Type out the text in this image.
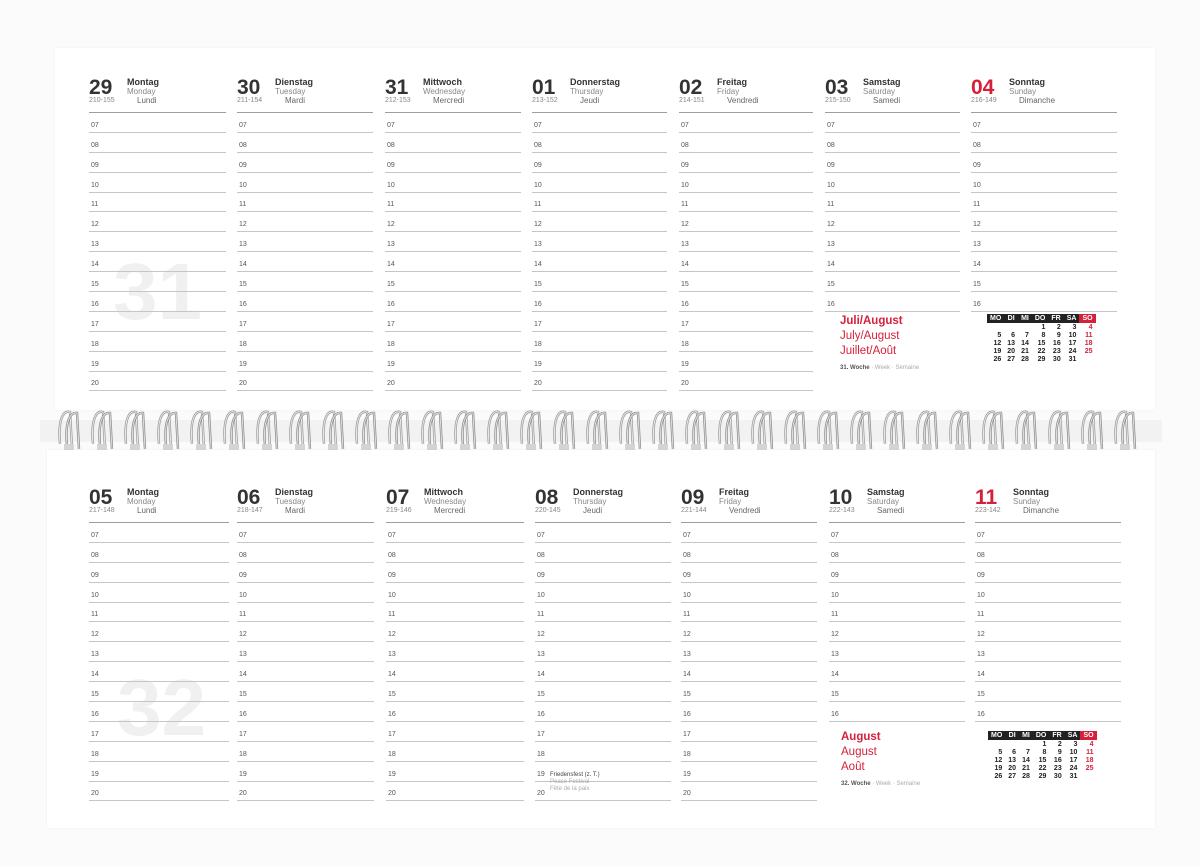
31
29 Montag
Monday
210-155	Lundi
07
08
09
10
11
12
13
14
15
16
17
18
19
20
30 Dienstag
Tuesday
211-154	Mardi
07
08
09
10
11
12
13
14
15
16
17
18
19
20
31 Mittwoch
Wednesday
212-153	Mercredi
07
08
09
10
11
12
13
14
15
16
17
18
19
20
01 Donnerstag
Thursday
213-152	Jeudi
07
08
09
10
11
12
13
14
15
16
17
18
19
20
02 Freitag
Friday
214-151	Vendredi
07
08
09
10
11
12
13
14
15
16
17
18
19
20
03 Samstag
Saturday
215-150	Samedi
07
08
09
10
11
12
13
14
15
16
04 Sonntag
Sunday
216-149	Dimanche
07
08
09
10
11
12
13
14
15
16
Juli/August
July/August
Juillet/Août
31. Woche · Week · Semaine
MO	DI	MI	DO	FR	SA	SO
			1	2	3	4
5	6	7	8	9	10	11
12	13	14	15	16	17	18
19	20	21	22	23	24	25
26	27	28	29	30	31	
32
05 Montag
Monday
217-148	Lundi
07
08
09
10
11
12
13
14
15
16
17
18
19
20
06 Dienstag
Tuesday
218-147	Mardi
07
08
09
10
11
12
13
14
15
16
17
18
19
20
07 Mittwoch
Wednesday
219-146	Mercredi
07
08
09
10
11
12
13
14
15
16
17
18
19
20
08 Donnerstag
Thursday
220-145	Jeudi
07
08
09
10
11
12
13
14
15
16
17
18
19 Friedensfest (z. T.)
Peace Festival
Fête de la paix
20
09 Freitag
Friday
221-144	Vendredi
07
08
09
10
11
12
13
14
15
16
17
18
19
20
10 Samstag
Saturday
222-143	Samedi
07
08
09
10
11
12
13
14
15
16
11 Sonntag
Sunday
223-142	Dimanche
07
08
09
10
11
12
13
14
15
16
August
August
Août
32. Woche · Week · Semaine
MO	DI	MI	DO	FR	SA	SO
			1	2	3	4
5	6	7	8	9	10	11
12	13	14	15	16	17	18
19	20	21	22	23	24	25
26	27	28	29	30	31	
